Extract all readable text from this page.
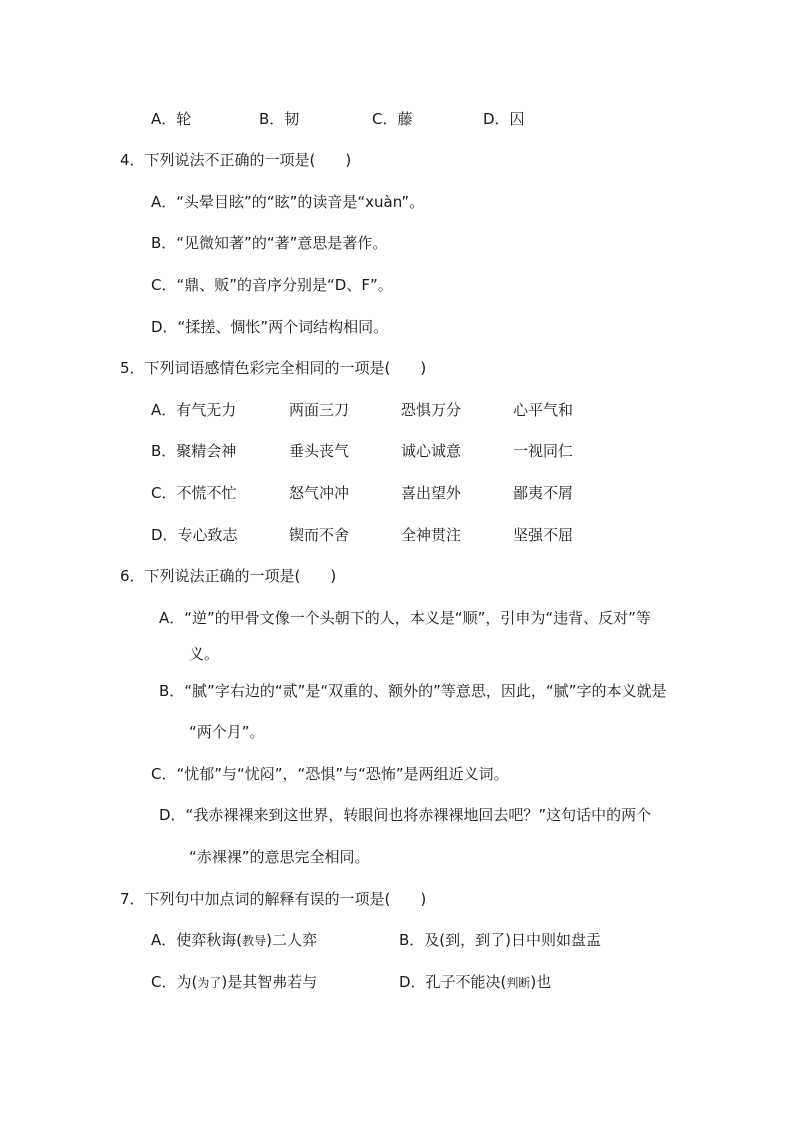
A．轮	B．韧	C．藤	D．囚
4．下列说法不正确的一项是(　　)
A．“头晕目眩”的“眩”的读音是“xuàn”。
B．“见微知著”的“著”意思是著作。
C．“鼎、贩”的音序分别是“D、F”。
D．“揉搓、惆怅”两个词结构相同。
5．下列词语感情色彩完全相同的一项是(　　)
A．有气无力	两面三刀	恐惧万分	心平气和
B．聚精会神	垂头丧气	诚心诚意	一视同仁
C．不慌不忙	怒气冲冲	喜出望外	鄙夷不屑
D．专心致志	锲而不舍	全神贯注	坚强不屈
6．下列说法正确的一项是(　　)
A．“逆”的甲骨文像一个头朝下的人，本义是“顺”，引申为“违背、反对”等
义。
B．“腻”字右边的“贰”是“双重的、额外的”等意思，因此，“腻”字的本义就是
“两个月”。
C．“忧郁”与“忧闷”，“恐惧”与“恐怖”是两组近义词。
D．“我赤裸裸来到这世界，转眼间也将赤裸裸地回去吧？”这句话中的两个
“赤裸裸”的意思完全相同。
7．下列句中加点词的解释有误的一项是(　　)
A．使弈秋诲(教导)二人弈	B．及(到，到了)日中则如盘盂
C．为(为了)是其智弗若与	D．孔子不能决(判断)也
